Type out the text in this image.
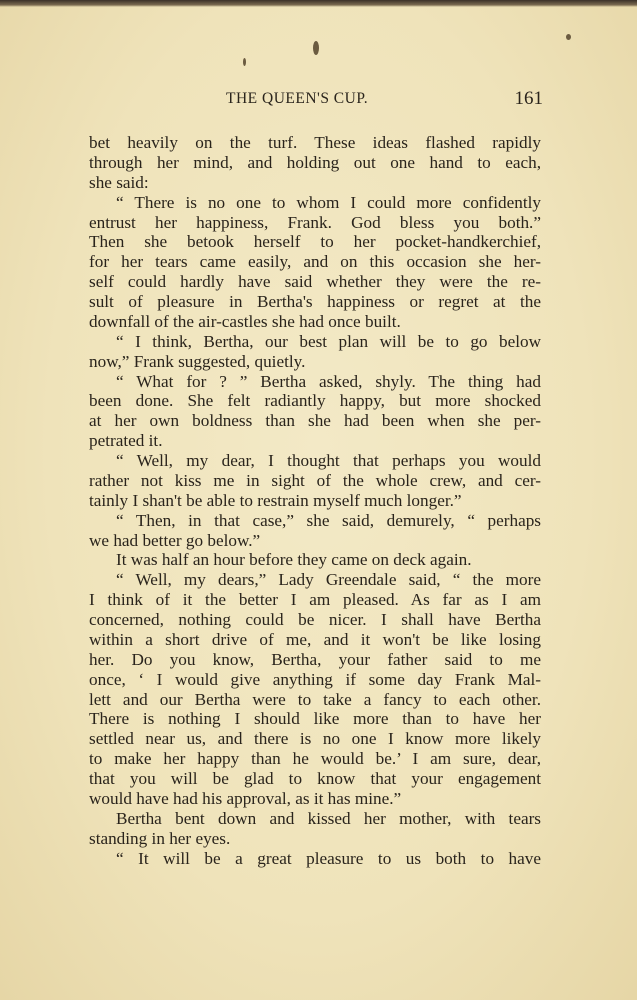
THE QUEEN'S CUP.	161
bet heavily on the turf. These ideas flashed rapidly
through her mind, and holding out one hand to each,
she said:
“ There is no one to whom I could more confidently
entrust her happiness, Frank. God bless you both.”
Then she betook herself to her pocket-handkerchief,
for her tears came easily, and on this occasion she her-
self could hardly have said whether they were the re-
sult of pleasure in Bertha's happiness or regret at the
downfall of the air-castles she had once built.
“ I think, Bertha, our best plan will be to go below
now,” Frank suggested, quietly.
“ What for ? ” Bertha asked, shyly. The thing had
been done. She felt radiantly happy, but more shocked
at her own boldness than she had been when she per-
petrated it.
“ Well, my dear, I thought that perhaps you would
rather not kiss me in sight of the whole crew, and cer-
tainly I shan't be able to restrain myself much longer.”
“ Then, in that case,” she said, demurely, “ perhaps
we had better go below.”
It was half an hour before they came on deck again.
“ Well, my dears,” Lady Greendale said, “ the more
I think of it the better I am pleased. As far as I am
concerned, nothing could be nicer. I shall have Bertha
within a short drive of me, and it won't be like losing
her. Do you know, Bertha, your father said to me
once, ‘ I would give anything if some day Frank Mal-
lett and our Bertha were to take a fancy to each other.
There is nothing I should like more than to have her
settled near us, and there is no one I know more likely
to make her happy than he would be.’ I am sure, dear,
that you will be glad to know that your engagement
would have had his approval, as it has mine.”
Bertha bent down and kissed her mother, with tears
standing in her eyes.
“ It will be a great pleasure to us both to have
